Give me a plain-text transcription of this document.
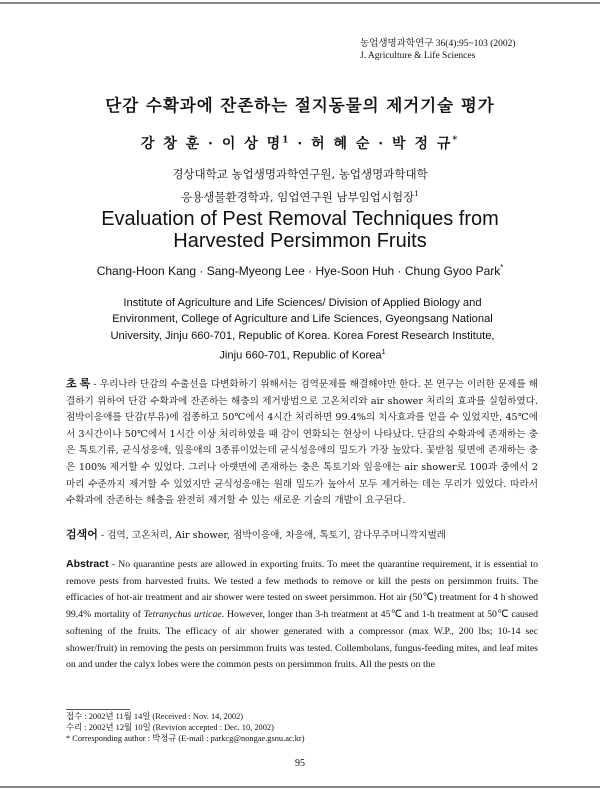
농업생명과학연구 36(4):95~103 (2002)
J. Agriculture & Life Sciences
단감 수확과에 잔존하는 절지동물의 제거기술 평가
강 창 훈 · 이 상 명$^1$ · 허 혜 순 · 박 정 규*
경상대학교 농업생명과학연구원, 농업생명과학대학
응용생물환경학과, 임업연구원 남부임업시험장$^1$
Evaluation of Pest Removal Techniques from
Harvested Persimmon Fruits
Chang-Hoon Kang · Sang-Myeong Lee · Hye-Soon Huh · Chung Gyoo Park*
Institute of Agriculture and Life Sciences/ Division of Applied Biology and
Environment, College of Agriculture and Life Sciences, Gyeongsang National
University, Jinju 660-701, Republic of Korea. Korea Forest Research Institute,
Jinju 660-701, Republic of Korea$^1$
초 록 - 우리나라 단감의 수출선을 다변화하기 위해서는 검역문제를 해결해야만 한다. 본 연구는 이러한 문제를 해결하기 위하여 단감 수확과에 잔존하는 해충의 제거방법으로 고온처리와 air shower 처리의 효과를 실험하였다. 점박이응애를 단감(부유)에 접종하고 50℃에서 4시간 처리하면 99.4%의 치사효과를 얻을 수 있었지만, 45℃에서 3시간이나 50℃에서 1시간 이상 처리하였을 때 감이 연화되는 현상이 나타났다. 단감의 수확과에 존재하는 충은 톡토기류, 균식성응애, 잎응애의 3종류이었는데 균식성응애의 밀도가 가장 높았다. 꽃받침 뒷면에 존재하는 충은 100% 제거할 수 있었다. 그러나 아랫면에 존재하는 충은 톡토기와 잎응애는 air shower로 100과 중에서 2마리 수준까지 제거할 수 있었지만 균식성응애는 원래 밀도가 높아서 모두 제거하는 데는 무리가 있었다. 따라서 수확과에 잔존하는 해충을 완전히 제거할 수 있는 새로운 기술의 개발이 요구된다.
검색어 - 검역, 고온처리, Air shower, 점박이응애, 차응애, 톡토기, 감나무주머니깍지벌레
Abstract - No quarantine pests are allowed in exporting fruits. To meet the quarantine requirement, it is essential to remove pests from harvested fruits. We tested a few methods to remove or kill the pests on persimmon fruits. The efficacies of hot-air treatment and air shower were tested on sweet persimmon. Hot air (50℃) treatment for 4 h showed 99.4% mortality of Tetranychus urticae. However, longer than 3-h treatment at 45℃ and 1-h treatment at 50℃ caused softening of the fruits. The efficacy of air shower generated with a compressor (max W.P., 200 lbs; 10-14 sec shower/fruit) in removing the pests on persimmon fruits was tested. Collembolans, fungus-feeding mites, and leaf mites on and under the calyx lobes were the common pests on persimmon fruits. All the pests on the
접수 : 2002년 11월 14일 (Received : Nov. 14, 2002)
수리 : 2002년 12월 10일 (Revivion accepted : Dec. 10, 2002)
* Corresponding author : 박정규 (E-mail : parkcg@nongae.gsnu.ac.kr)
95
